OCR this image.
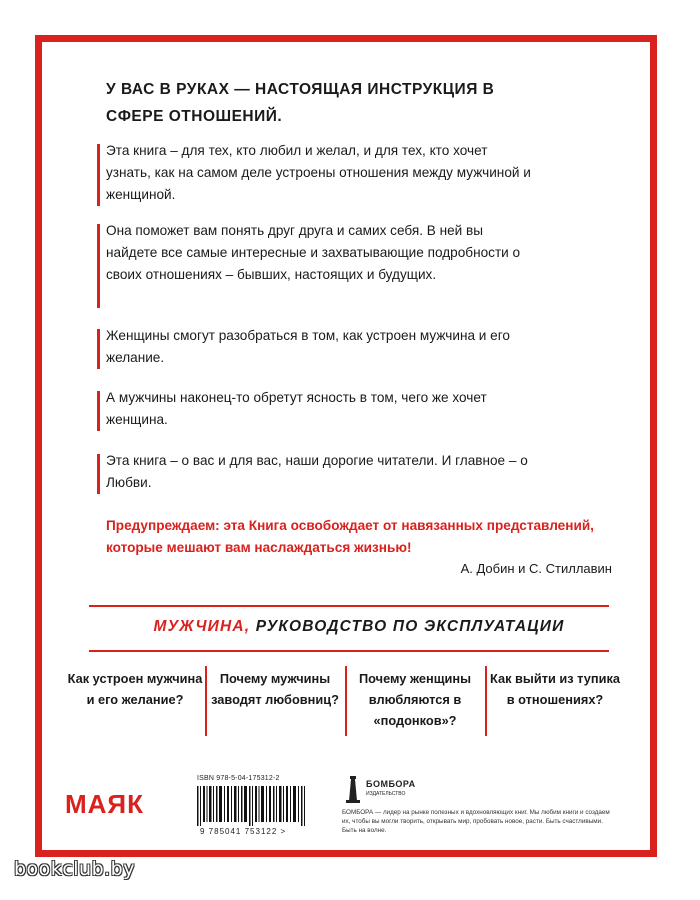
У ВАС В РУКАХ — НАСТОЯЩАЯ ИНСТРУКЦИЯ В СФЕРЕ ОТНОШЕНИЙ.
Эта книга – для тех, кто любил и желал, и для тех, кто хочет узнать, как на самом деле устроены отношения между мужчиной и женщиной.
Она поможет вам понять друг друга и самих себя. В ней вы найдете все самые интересные и захватывающие подробности о своих отношениях – бывших, настоящих и будущих.
Женщины смогут разобраться в том, как устроен мужчина и его желание.
А мужчины наконец-то обретут ясность в том, чего же хочет женщина.
Эта книга – о вас и для вас, наши дорогие читатели. И главное – о Любви.
Предупреждаем: эта Книга освобождает от навязанных представлений, которые мешают вам наслаждаться жизнью!
А. Добин и С. Стиллавин
МУЖЧИНА, РУКОВОДСТВО ПО ЭКСПЛУАТАЦИИ
Как устроен мужчина и его желание?
Почему мужчины заводят любовниц?
Почему женщины влюбляются в «подонков»?
Как выйти из тупика в отношениях?
МАЯК
ISBN 978-5-04-175312-2
9 785041 753122 >
БОМБОРА
ИЗДАТЕЛЬСТВО
БОМБОРА — лидер на рынке полезных и вдохновляющих книг. Мы любим книги и создаем их, чтобы вы могли творить, открывать мир, пробовать новое, расти. Быть счастливыми. Быть на волне.
bookclub.by
